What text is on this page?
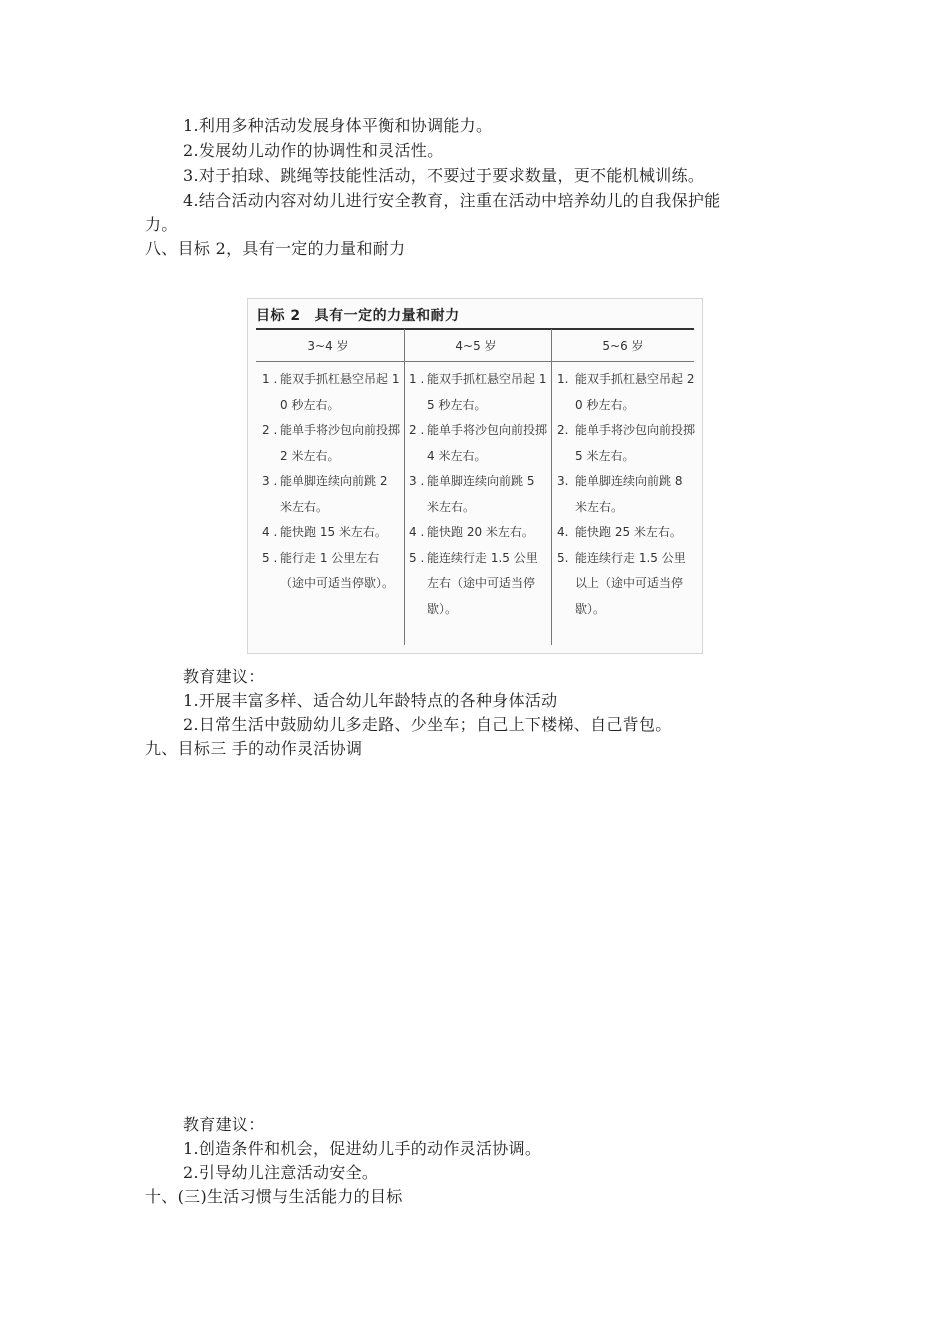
1.利用多种活动发展身体平衡和协调能力。
2.发展幼儿动作的协调性和灵活性。
3.对于拍球、跳绳等技能性活动，不要过于要求数量，更不能机械训练。
4.结合活动内容对幼儿进行安全教育，注重在活动中培养幼儿的自我保护能
力。
八、目标 2，具有一定的力量和耐力
目标 2 具有一定的力量和耐力
3~4 岁	4~5 岁	5~6 岁
1 . 能双手抓杠悬空吊起 10 秒左右。
2 . 能单手将沙包向前投掷 2 米左右。
3 . 能单脚连续向前跳 2 米左右。
4 . 能快跑 15 米左右。
5 . 能行走 1 公里左右（途中可适当停歇）。
1 . 能双手抓杠悬空吊起 15 秒左右。
2 . 能单手将沙包向前投掷 4 米左右。
3 . 能单脚连续向前跳 5 米左右。
4 . 能快跑 20 米左右。
5 . 能连续行走 1.5 公里左右（途中可适当停歇）。
1. 能双手抓杠悬空吊起 20 秒左右。
2. 能单手将沙包向前投掷 5 米左右。
3. 能单脚连续向前跳 8 米左右。
4. 能快跑 25 米左右。
5. 能连续行走 1.5 公里以上（途中可适当停歇）。
教育建议：
1.开展丰富多样、适合幼儿年龄特点的各种身体活动
2.日常生活中鼓励幼儿多走路、少坐车；自己上下楼梯、自己背包。
九、目标三 手的动作灵活协调
教育建议：
1.创造条件和机会，促进幼儿手的动作灵活协调。
2.引导幼儿注意活动安全。
十、(三)生活习惯与生活能力的目标
